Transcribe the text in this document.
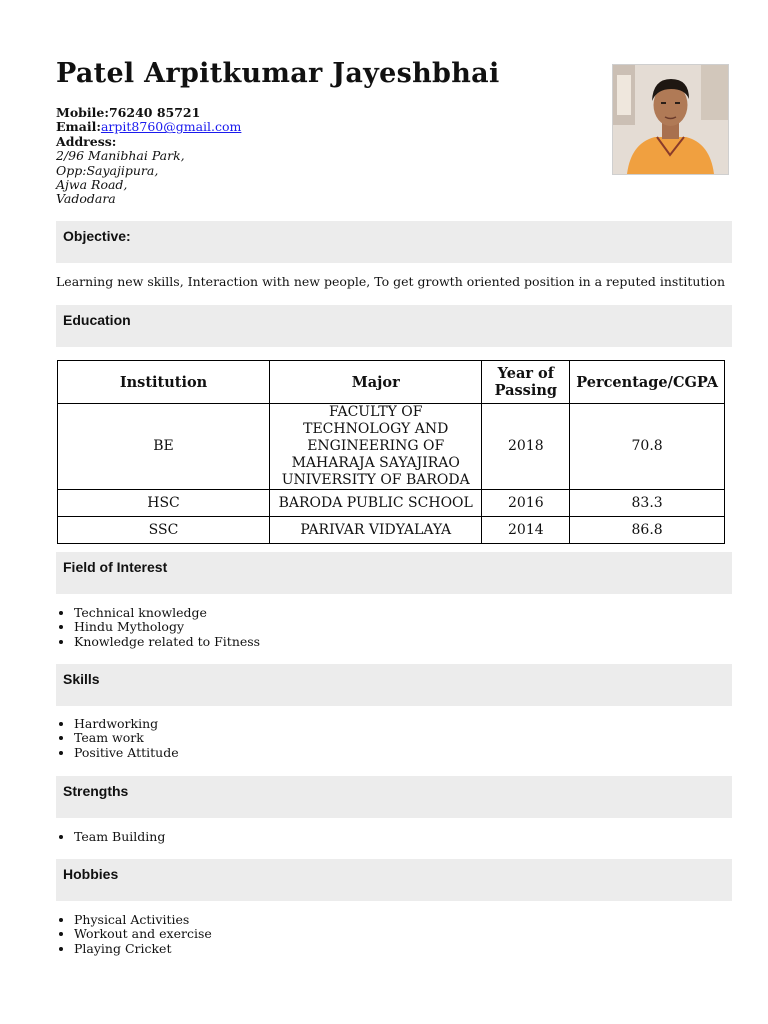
Patel Arpitkumar Jayeshbhai
Mobile:76240 85721
Email:arpit8760@gmail.com
Address:
2/96 Manibhai Park,
Opp:Sayajipura,
Ajwa Road,
Vadodara
Objective:
Learning new skills, Interaction with new people, To get growth oriented position in a reputed institution
Education
Institution	Major	Year of Passing	Percentage/CGPA
BE	FACULTY OF TECHNOLOGY AND ENGINEERING OF MAHARAJA SAYAJIRAO UNIVERSITY OF BARODA	2018	70.8
HSC	BARODA PUBLIC SCHOOL	2016	83.3
SSC	PARIVAR VIDYALAYA	2014	86.8
Field of Interest
• Technical knowledge
• Hindu Mythology
• Knowledge related to Fitness
Skills
• Hardworking
• Team work
• Positive Attitude
Strengths
• Team Building
Hobbies
• Physical Activities
• Workout and exercise
• Playing Cricket
